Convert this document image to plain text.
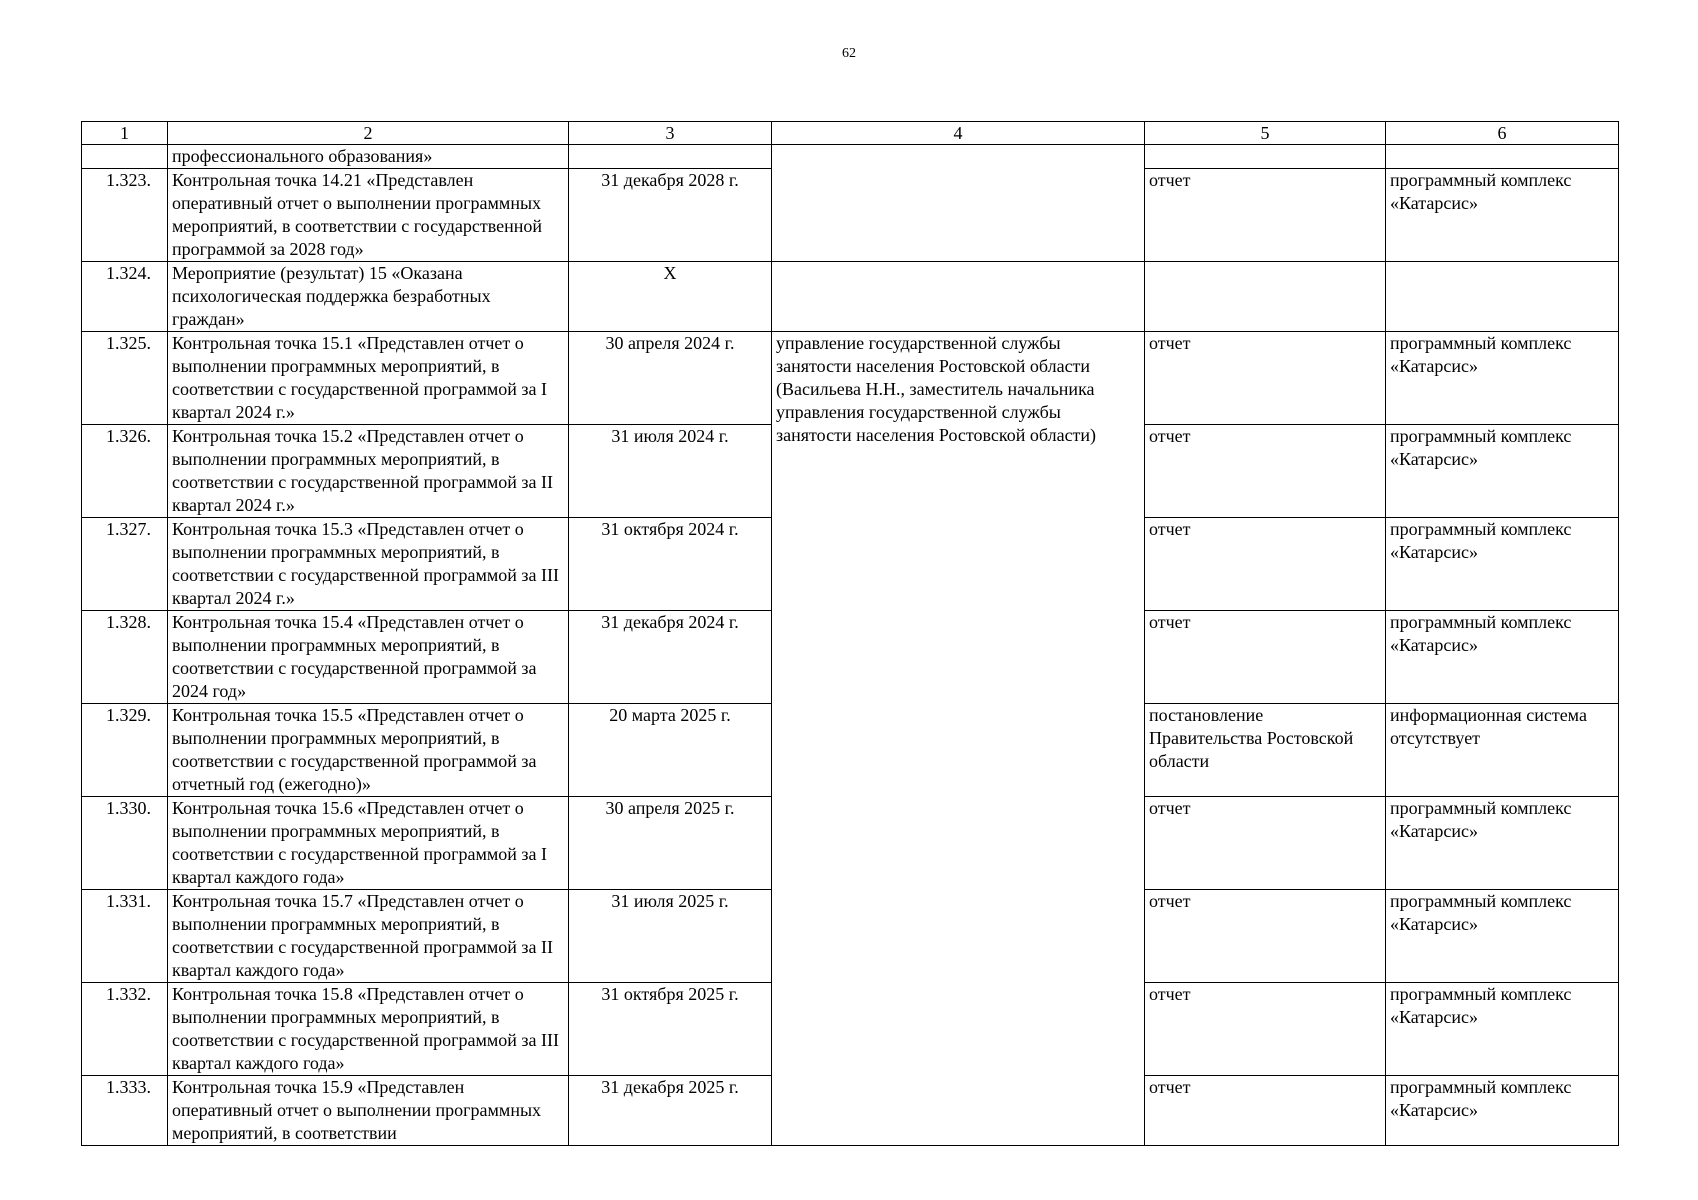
62
1	2	3	4	5	6
	профессионального образования»				
1.323.	Контрольная точка 14.21 «Представлен оперативный отчет о выполнении программных мероприятий, в соответствии с государственной программой за 2028 год»	31 декабря 2028 г.		отчет	программный комплекс «Катарсис»
1.324.	Мероприятие (результат) 15 «Оказана психологическая поддержка безработных граждан»	Х			
1.325.	Контрольная точка 15.1 «Представлен отчет о выполнении программных мероприятий, в соответствии с государственной программой за I квартал 2024 г.»	30 апреля 2024 г.	управление государственной службы занятости населения Ростовской области (Васильева Н.Н., заместитель начальника управления государственной службы занятости населения Ростовской области)	отчет	программный комплекс «Катарсис»
1.326.	Контрольная точка 15.2 «Представлен отчет о выполнении программных мероприятий, в соответствии с государственной программой за II квартал 2024 г.»	31 июля 2024 г.		отчет	программный комплекс «Катарсис»
1.327.	Контрольная точка 15.3 «Представлен отчет о выполнении программных мероприятий, в соответствии с государственной программой за III квартал 2024 г.»	31 октября 2024 г.		отчет	программный комплекс «Катарсис»
1.328.	Контрольная точка 15.4 «Представлен отчет о выполнении программных мероприятий, в соответствии с государственной программой за 2024 год»	31 декабря 2024 г.		отчет	программный комплекс «Катарсис»
1.329.	Контрольная точка 15.5 «Представлен отчет о выполнении программных мероприятий, в соответствии с государственной программой за отчетный год (ежегодно)»	20 марта 2025 г.		постановление Правительства Ростовской области	информационная система отсутствует
1.330.	Контрольная точка 15.6 «Представлен отчет о выполнении программных мероприятий, в соответствии с государственной программой за I квартал каждого года»	30 апреля 2025 г.		отчет	программный комплекс «Катарсис»
1.331.	Контрольная точка 15.7 «Представлен отчет о выполнении программных мероприятий, в соответствии с государственной программой за II квартал каждого года»	31 июля 2025 г.		отчет	программный комплекс «Катарсис»
1.332.	Контрольная точка 15.8 «Представлен отчет о выполнении программных мероприятий, в соответствии с государственной программой за III квартал каждого года»	31 октября 2025 г.		отчет	программный комплекс «Катарсис»
1.333.	Контрольная точка 15.9 «Представлен оперативный отчет о выполнении программных мероприятий, в соответствии	31 декабря 2025 г.		отчет	программный комплекс «Катарсис»
